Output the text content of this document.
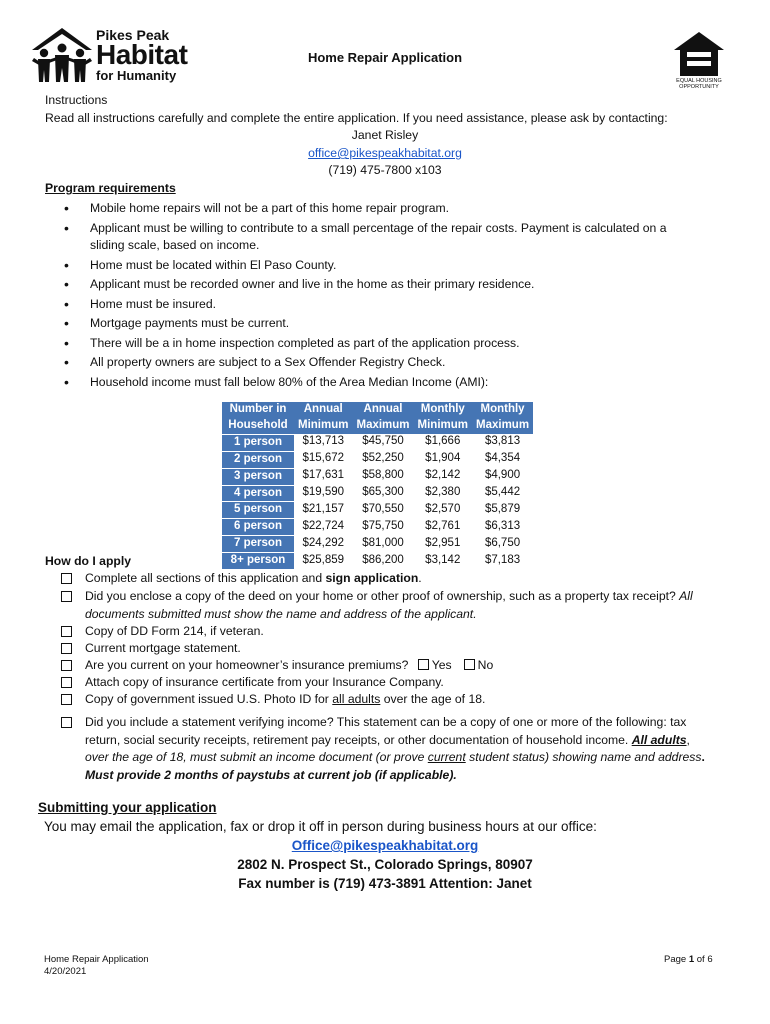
Pikes Peak
Habitat
for Humanity
Home Repair Application
EQUAL HOUSING
OPPORTUNITY
Instructions
Read all instructions carefully and complete the entire application. If you need assistance, please ask by contacting:
Janet Risley
office@pikespeakhabitat.org
(719) 475-7800 x103
Program requirements
• Mobile home repairs will not be a part of this home repair program.
• Applicant must be willing to contribute to a small percentage of the repair costs. Payment is calculated on a
sliding scale, based on income.
• Home must be located within El Paso County.
• Applicant must be recorded owner and live in the home as their primary residence.
• Home must be insured.
• Mortgage payments must be current.
• There will be a in home inspection completed as part of the application process.
• All property owners are subject to a Sex Offender Registry Check.
• Household income must fall below 80% of the Area Median Income (AMI):
Number in	Annual	Annual	Monthly	Monthly
Household	Minimum	Maximum	Minimum	Maximum
1 person	$13,713	$45,750	$1,666	$3,813
2 person	$15,672	$52,250	$1,904	$4,354
3 person	$17,631	$58,800	$2,142	$4,900
4 person	$19,590	$65,300	$2,380	$5,442
5 person	$21,157	$70,550	$2,570	$5,879
6 person	$22,724	$75,750	$2,761	$6,313
7 person	$24,292	$81,000	$2,951	$6,750
8+ person	$25,859	$86,200	$3,142	$7,183
How do I apply
Complete all sections of this application and sign application.
Did you enclose a copy of the deed on your home or other proof of ownership, such as a property tax receipt? All
documents submitted must show the name and address of the applicant.
Copy of DD Form 214, if veteran.
Current mortgage statement.
Are you current on your homeowner’s insurance premiums? Yes No
Attach copy of insurance certificate from your Insurance Company.
Copy of government issued U.S. Photo ID for all adults over the age of 18.
Did you include a statement verifying income? This statement can be a copy of one or more of the following: tax
return, social security receipts, retirement pay receipts, or other documentation of household income. All adults,
over the age of 18, must submit an income document (or prove current student status) showing name and address.
Must provide 2 months of paystubs at current job (if applicable).
Submitting your application
You may email the application, fax or drop it off in person during business hours at our office:
Office@pikespeakhabitat.org
2802 N. Prospect St., Colorado Springs, 80907
Fax number is (719) 473-3891 Attention: Janet
Home Repair Application
4/20/2021
Page 1 of 6
